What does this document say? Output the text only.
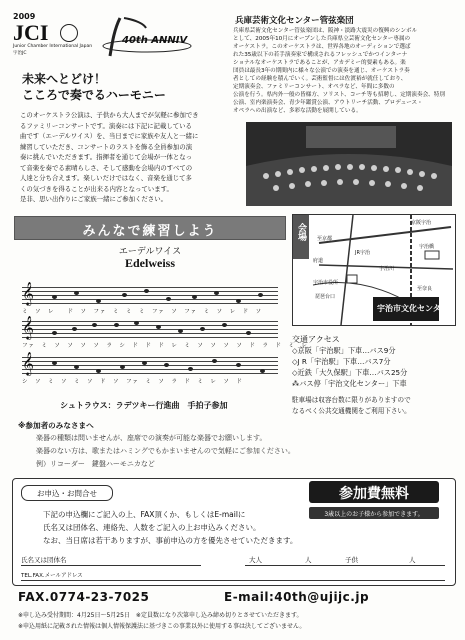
2009
JCI
Junior Chamber International Japan
宇治JC
40th ANNIV
兵庫芸術文化センター管弦楽団
兵庫県芸術文化センター管弦楽団は、阪神・淡路大震災の復興のシンボル
として、2005年10月にオープンした兵庫県立芸術文化センター専属の
オーケストラ。このオーケストラは、世界各地のオーディションで選ば
れた35歳以下の若手演奏家で構成されるフレッシュでかつインターナ
ショナルなオーケストラであることが、アカデミー的要素もある。楽
団員は最長3年の期間内に様々な公演での演奏を通じ、オーケストラ奏
者としての経験を積んでいく。芸術監督には佐渡裕が就任しており、
定期演奏会、ファミリーコンサート、オペラなど、年間に多数の
公演を行う。県内外一般の皆様方、ソリスト、コーチ等も招聘し、定期演奏会、特別
公演、室内楽演奏会、青少年鑑賞公演、アウトリーチ活動、プロデュース・
オペラへの出演など、多彩な活動を展開している。
未来へとどけ！
こころで奏でるハーモニー
このオーケストラ公演は、子供から大人までが気軽に参加でき
るファミリーコンサートです。演奏には下記に記載している
曲です（エーデルワイス）を、当日までに家族や友人と一緒に
練習していただき、コンサートのラストを飾る全員参加の演
奏に挑んでいただきます。指揮者を通じて会場が一体となっ
て音楽を奏でる素晴らしさ、そして感動を会場内のすべての
人達と分ち合えます。楽しいだけではなく、音楽を通じて多
くの気づきを得ることが出来る内容となっています。
是非、思い出作りにご家族一緒にご参加ください。
みんなで練習しよう
エーデルワイス
Edelweiss
𝄞
ミ　ソ　レ　　ド　ソ　ファ　ミ　ミ　ミ　ファ　ソ　ファ　ミ　ソ　レ　ド　ソ
𝄞
ファ　ミ　ソ　ソ　ソ　ソ　ラ　シ　ド　ド　ド　レ　ミ　ソ　ソ　ソ　ソ　ド　ラ　ド　ミ　レ
𝄞
シ　ソ　ミ　ソ　ミ　ソ　ド　ソ　ファ　ミ　ソ　ラ　ド　ミ　レ　ソ　ド
シュトラウス：ラデツキー行進曲　手拍子参加
会場
JR宇治
京阪宇治
宇治橋
宇治川
府道
至京都
至奈良
琵琶台口
宇治市役所
宇治市文化センター
交通アクセス
◇京阪「宇治駅」下車…バス9分
◇J R「宇治駅」下車…バス7分
◇近鉄「大久保駅」下車…バス25分
⁂バス停「宇治文化センター」下車
駐車場は収容台数に限りがありますので
なるべく公共交通機関をご利用下さい。
※参加者のみなさまへ
楽器の種類は問いませんが、座席での演奏が可能な楽器でお願いします。
楽器のない方は、歌またはハミングでもかまいませんので気軽にご参加ください。
例）リコーダー　鍵盤ハーモニカなど
お申込・お問合せ	参加費無料
3歳以上のお子様から参加できます。
下記の申込欄にご記入の上、FAX頂くか、もしくはE-mailに
氏名又は団体名、連絡先、人数をご記入の上お申込みください。
なお、当日席は若干ありますが、事前申込の方を優先させていただきます。
氏名又は団体名	大人	人	子供	人
TEL.FAX.メールアドレス
FAX.0774-23-7025	E-mail:40th@ujijc.jp
※申し込み受付期間：4月25日〜5月25日　※定員数になり次第申し込み締め切りとさせていただきます。
※申込用紙に記載された情報は個人情報保護法に基づきこの事業以外に使用する事は決してございません。
